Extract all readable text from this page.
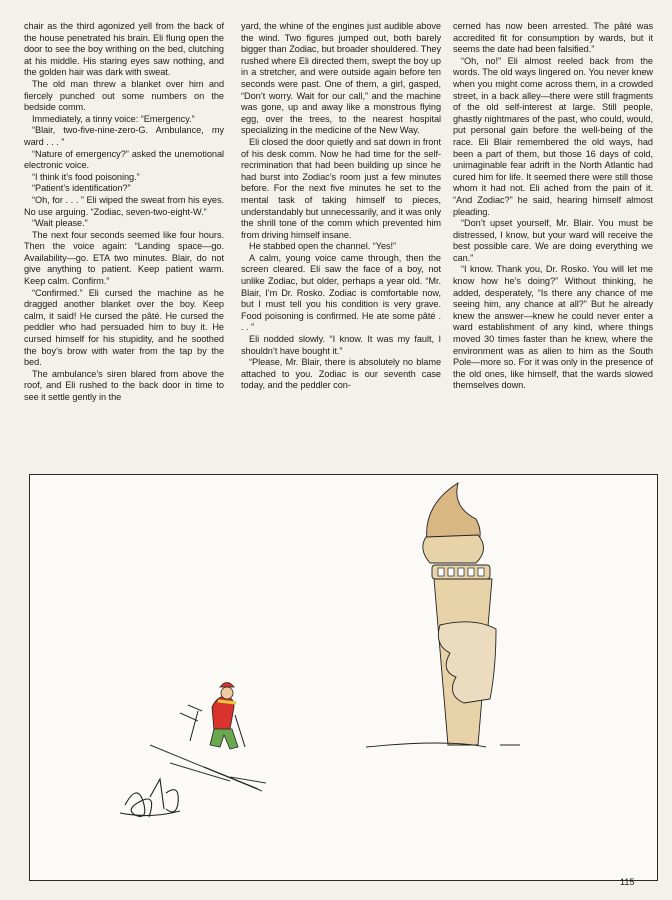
chair as the third agonized yell from the back of the house penetrated his brain. Eli flung open the door to see the boy writhing on the bed, clutching at his middle. His staring eyes saw nothing, and the golden hair was dark with sweat.

The old man threw a blanket over him and fiercely punched out some numbers on the bedside comm.

Immediately, a tinny voice: “Emergency.”

“Blair, two-five-nine-zero-G. Ambulance, my ward . . . ”

“Nature of emergency?” asked the unemotional electronic voice.

“I think it’s food poisoning.”

“Patient’s identification?”

“Oh, for . . . ” Eli wiped the sweat from his eyes. No use arguing. “Zodiac, seven-two-eight-W.”

“Wait please.”

The next four seconds seemed like four hours. Then the voice again: “Landing space—go. Availability—go. ETA two minutes. Blair, do not give anything to patient. Keep patient warm. Keep calm. Confirm.”

“Confirmed.” Eli cursed the machine as he dragged another blanket over the boy. Keep calm, it said! He cursed the pâté. He cursed the peddler who had persuaded him to buy it. He cursed himself for his stupidity, and he soothed the boy’s brow with water from the tap by the bed.

The ambulance’s siren blared from above the roof, and Eli rushed to the back door in time to see it settle gently in the

yard, the whine of the engines just audible above the wind. Two figures jumped out, both barely bigger than Zodiac, but broader shouldered. They rushed where Eli directed them, swept the boy up in a stretcher, and were outside again before ten seconds were past. One of them, a girl, gasped, “Don’t worry. Wait for our call,” and the machine was gone, up and away like a monstrous flying egg, over the trees, to the nearest hospital specializing in the medicine of the New Way.

Eli closed the door quietly and sat down in front of his desk comm. Now he had time for the self-recrimination that had been building up since he had burst into Zodiac’s room just a few minutes before. For the next five minutes he set to the mental task of taking himself to pieces, understandably but unnecessarily, and it was only the shrill tone of the comm which prevented him from driving himself insane.

He stabbed open the channel. “Yes!”

A calm, young voice came through, then the screen cleared. Eli saw the face of a boy, not unlike Zodiac, but older, perhaps a year old. “Mr. Blair, I’m Dr. Rosko. Zodiac is comfortable now, but I must tell you his condition is very grave. Food poisoning is confirmed. He ate some pâté . . . ”

Eli nodded slowly. “I know. It was my fault, I shouldn’t have bought it.”

“Please, Mr. Blair, there is absolutely no blame attached to you. Zodiac is our seventh case today, and the peddler con-

cerned has now been arrested. The pâté was accredited fit for consumption by wards, but it seems the date had been falsified.”

“Oh, no!” Eli almost reeled back from the words. The old ways lingered on. You never knew when you might come across them, in a crowded street, in a back alley—there were still fragments of the old self-interest at large. Still people, ghastly nightmares of the past, who could, would, put personal gain before the well-being of the race. Eli Blair remembered the old ways, had been a part of them, but those 16 days of cold, unimaginable fear adrift in the North Atlantic had cured him for life. It seemed there were still those whom it had not. Eli ached from the pain of it. “And Zodiac?” he said, hearing himself almost pleading.

“Don’t upset yourself, Mr. Blair. You must be distressed, I know, but your ward will receive the best possible care. We are doing everything we can.”

“I know. Thank you, Dr. Rosko. You will let me know how he’s doing?” Without thinking, he added, desperately, “Is there any chance of me seeing him, any chance at all?” But he already knew the answer—knew he could never enter a ward establishment of any kind, where things moved 30 times faster than he knew, where the environment was as alien to him as the South Pole—more so. For it was only in the presence of the old ones, like himself, that the wards slowed themselves down.

115
